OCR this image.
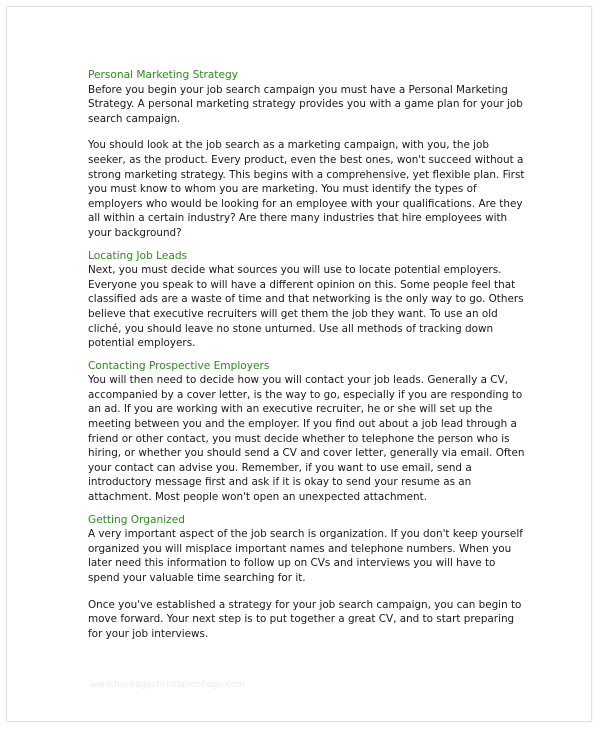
Personal Marketing Strategy

Before you begin your job search campaign you must have a Personal Marketing Strategy. A personal marketing strategy provides you with a game plan for your job search campaign.

You should look at the job search as a marketing campaign, with you, the job seeker, as the product. Every product, even the best ones, won't succeed without a strong marketing strategy. This begins with a comprehensive, yet flexible plan. First you must know to whom you are marketing. You must identify the types of employers who would be looking for an employee with your qualifications. Are they all within a certain industry? Are there many industries that hire employees with your background?

Locating Job Leads

Next, you must decide what sources you will use to locate potential employers. Everyone you speak to will have a different opinion on this. Some people feel that classified ads are a waste of time and that networking is the only way to go. Others believe that executive recruiters will get them the job they want. To use an old cliché, you should leave no stone unturned. Use all methods of tracking down potential employers.

Contacting Prospective Employers

You will then need to decide how you will contact your job leads. Generally a CV, accompanied by a cover letter, is the way to go, especially if you are responding to an ad. If you are working with an executive recruiter, he or she will set up the meeting between you and the employer. If you find out about a job lead through a friend or other contact, you must decide whether to telephone the person who is hiring, or whether you should send a CV and cover letter, generally via email. Often your contact can advise you. Remember, if you want to use email, send a introductory message first and ask if it is okay to send your resume as an attachment. Most people won't open an unexpected attachment.

Getting Organized

A very important aspect of the job search is organization. If you don't keep yourself organized you will misplace important names and telephone numbers. When you later need this information to follow up on CVs and interviews you will have to spend your valuable time searching for it.

Once you've established a strategy for your job search campaign, you can begin to move forward. Your next step is to put together a great CV, and to start preparing for your job interviews.

www.heritagechristiancollege.com
